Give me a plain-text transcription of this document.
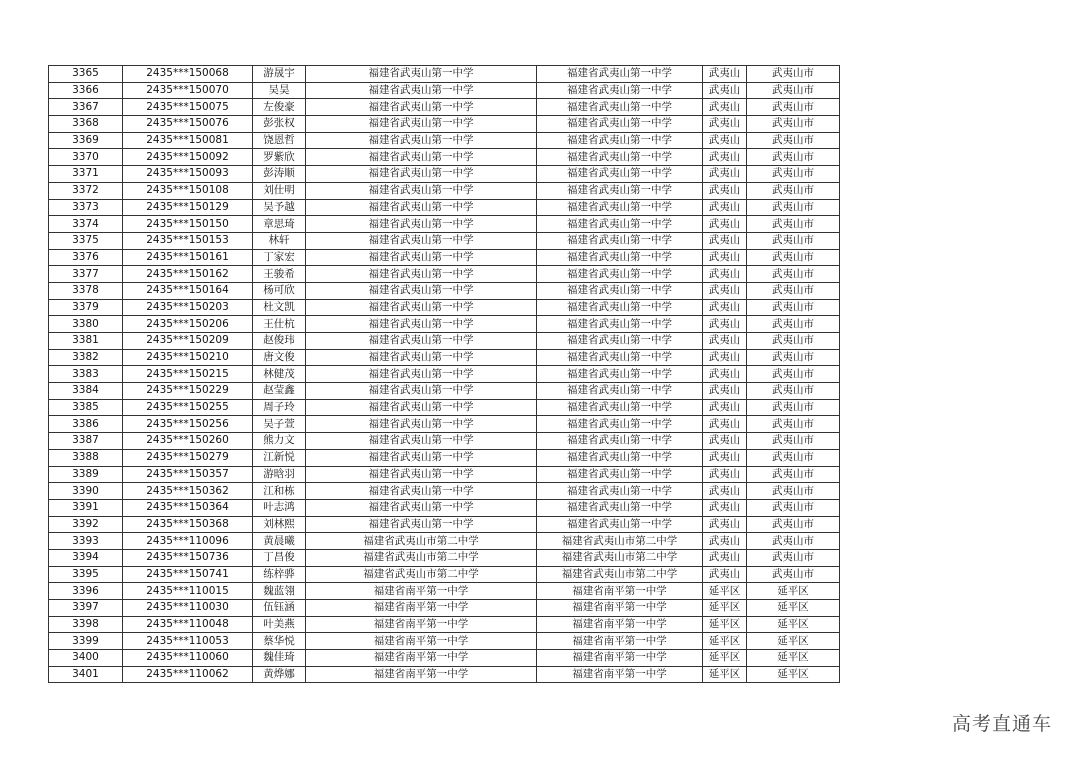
3365	2435***150068	游晟宇	福建省武夷山第一中学	福建省武夷山第一中学	武夷山	武夷山市
3366	2435***150070	吴昊	福建省武夷山第一中学	福建省武夷山第一中学	武夷山	武夷山市
3367	2435***150075	左俊豪	福建省武夷山第一中学	福建省武夷山第一中学	武夷山	武夷山市
3368	2435***150076	彭张权	福建省武夷山第一中学	福建省武夷山第一中学	武夷山	武夷山市
3369	2435***150081	饶恩哲	福建省武夷山第一中学	福建省武夷山第一中学	武夷山	武夷山市
3370	2435***150092	罗紫欣	福建省武夷山第一中学	福建省武夷山第一中学	武夷山	武夷山市
3371	2435***150093	彭涛顺	福建省武夷山第一中学	福建省武夷山第一中学	武夷山	武夷山市
3372	2435***150108	刘仕明	福建省武夷山第一中学	福建省武夷山第一中学	武夷山	武夷山市
3373	2435***150129	吴予越	福建省武夷山第一中学	福建省武夷山第一中学	武夷山	武夷山市
3374	2435***150150	章思琦	福建省武夷山第一中学	福建省武夷山第一中学	武夷山	武夷山市
3375	2435***150153	林轩	福建省武夷山第一中学	福建省武夷山第一中学	武夷山	武夷山市
3376	2435***150161	丁家宏	福建省武夷山第一中学	福建省武夷山第一中学	武夷山	武夷山市
3377	2435***150162	王骏希	福建省武夷山第一中学	福建省武夷山第一中学	武夷山	武夷山市
3378	2435***150164	杨可欣	福建省武夷山第一中学	福建省武夷山第一中学	武夷山	武夷山市
3379	2435***150203	杜文凯	福建省武夷山第一中学	福建省武夷山第一中学	武夷山	武夷山市
3380	2435***150206	王仕杭	福建省武夷山第一中学	福建省武夷山第一中学	武夷山	武夷山市
3381	2435***150209	赵俊玮	福建省武夷山第一中学	福建省武夷山第一中学	武夷山	武夷山市
3382	2435***150210	唐文俊	福建省武夷山第一中学	福建省武夷山第一中学	武夷山	武夷山市
3383	2435***150215	林健茂	福建省武夷山第一中学	福建省武夷山第一中学	武夷山	武夷山市
3384	2435***150229	赵莹鑫	福建省武夷山第一中学	福建省武夷山第一中学	武夷山	武夷山市
3385	2435***150255	周子玲	福建省武夷山第一中学	福建省武夷山第一中学	武夷山	武夷山市
3386	2435***150256	吴子萱	福建省武夷山第一中学	福建省武夷山第一中学	武夷山	武夷山市
3387	2435***150260	熊力文	福建省武夷山第一中学	福建省武夷山第一中学	武夷山	武夷山市
3388	2435***150279	江新悦	福建省武夷山第一中学	福建省武夷山第一中学	武夷山	武夷山市
3389	2435***150357	游晗羽	福建省武夷山第一中学	福建省武夷山第一中学	武夷山	武夷山市
3390	2435***150362	江和栋	福建省武夷山第一中学	福建省武夷山第一中学	武夷山	武夷山市
3391	2435***150364	叶志鸿	福建省武夷山第一中学	福建省武夷山第一中学	武夷山	武夷山市
3392	2435***150368	刘林熙	福建省武夷山第一中学	福建省武夷山第一中学	武夷山	武夷山市
3393	2435***110096	黄晨曦	福建省武夷山市第二中学	福建省武夷山市第二中学	武夷山	武夷山市
3394	2435***150736	丁昌俊	福建省武夷山市第二中学	福建省武夷山市第二中学	武夷山	武夷山市
3395	2435***150741	练梓骅	福建省武夷山市第二中学	福建省武夷山市第二中学	武夷山	武夷山市
3396	2435***110015	魏蓝翎	福建省南平第一中学	福建省南平第一中学	延平区	延平区
3397	2435***110030	伍钰涵	福建省南平第一中学	福建省南平第一中学	延平区	延平区
3398	2435***110048	叶美燕	福建省南平第一中学	福建省南平第一中学	延平区	延平区
3399	2435***110053	蔡华悦	福建省南平第一中学	福建省南平第一中学	延平区	延平区
3400	2435***110060	魏佳琦	福建省南平第一中学	福建省南平第一中学	延平区	延平区
3401	2435***110062	黄烨娜	福建省南平第一中学	福建省南平第一中学	延平区	延平区
高考直通车
